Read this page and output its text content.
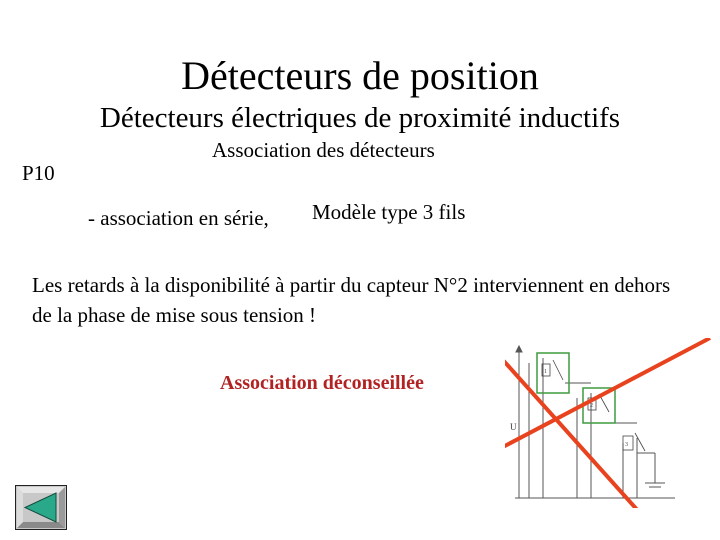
Détecteurs de position
Détecteurs électriques de proximité inductifs
Association des détecteurs
P10
- association en série, Modèle type 3 fils
Les retards à la disponibilité à partir du capteur N°2 interviennent en dehors de la phase de mise sous tension !
Association déconseillée	1
2
3
U
